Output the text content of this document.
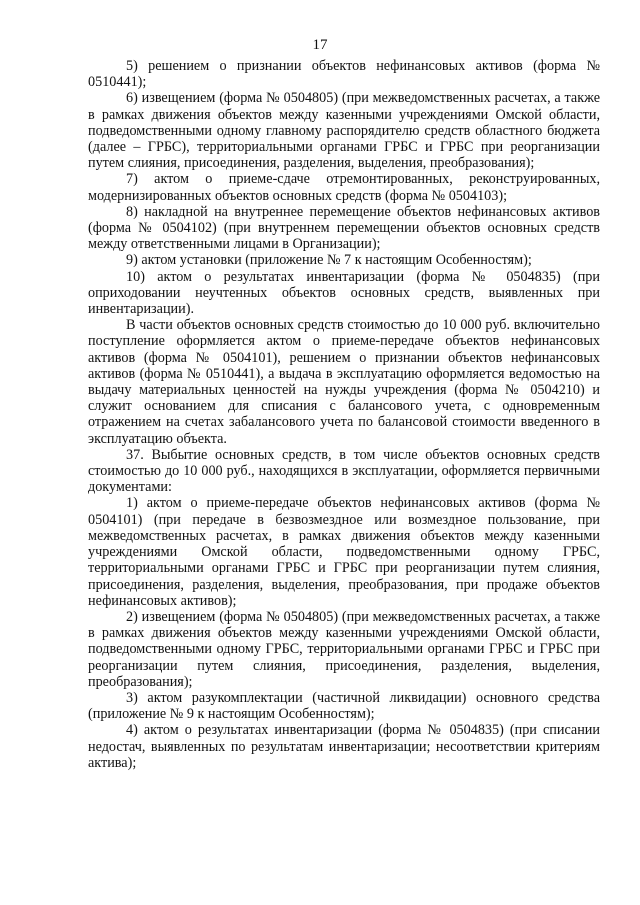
17

5) решением о признании объектов нефинансовых активов (форма № 0510441);

6) извещением (форма № 0504805) (при межведомственных расчетах, а также в рамках движения объектов между казенными учреждениями Омской области, подведомственными одному главному распорядителю средств областного бюджета (далее – ГРБС), территориальными органами ГРБС и ГРБС при реорганизации путем слияния, присоединения, разделения, выделения, преобразования);

7) актом о приеме-сдаче отремонтированных, реконструированных, модернизированных объектов основных средств (форма № 0504103);

8) накладной на внутреннее перемещение объектов нефинансовых активов (форма № 0504102) (при внутреннем перемещении объектов основных средств между ответственными лицами в Организации);

9) актом установки (приложение № 7 к настоящим Особенностям);

10) актом о результатах инвентаризации (форма № 0504835) (при оприходовании неучтенных объектов основных средств, выявленных при инвентаризации).

В части объектов основных средств стоимостью до 10 000 руб. включительно поступление оформляется актом о приеме-передаче объектов нефинансовых активов (форма № 0504101), решением о признании объектов нефинансовых активов (форма № 0510441), а выдача в эксплуатацию оформляется ведомостью на выдачу материальных ценностей на нужды учреждения (форма № 0504210) и служит основанием для списания с балансового учета, с одновременным отражением на счетах забалансового учета по балансовой стоимости введенного в эксплуатацию объекта.

37. Выбытие основных средств, в том числе объектов основных средств стоимостью до 10 000 руб., находящихся в эксплуатации, оформляется первичными документами:

1) актом о приеме-передаче объектов нефинансовых активов (форма № 0504101) (при передаче в безвозмездное или возмездное пользование, при межведомственных расчетах, в рамках движения объектов между казенными учреждениями Омской области, подведомственными одному ГРБС, территориальными органами ГРБС и ГРБС при реорганизации путем слияния, присоединения, разделения, выделения, преобразования, при продаже объектов нефинансовых активов);

2) извещением (форма № 0504805) (при межведомственных расчетах, а также в рамках движения объектов между казенными учреждениями Омской области, подведомственными одному ГРБС, территориальными органами ГРБС и ГРБС при реорганизации путем слияния, присоединения, разделения, выделения, преобразования);

3) актом разукомплектации (частичной ликвидации) основного средства (приложение № 9 к настоящим Особенностям);

4) актом о результатах инвентаризации (форма № 0504835) (при списании недостач, выявленных по результатам инвентаризации; несоответствии критериям актива);
